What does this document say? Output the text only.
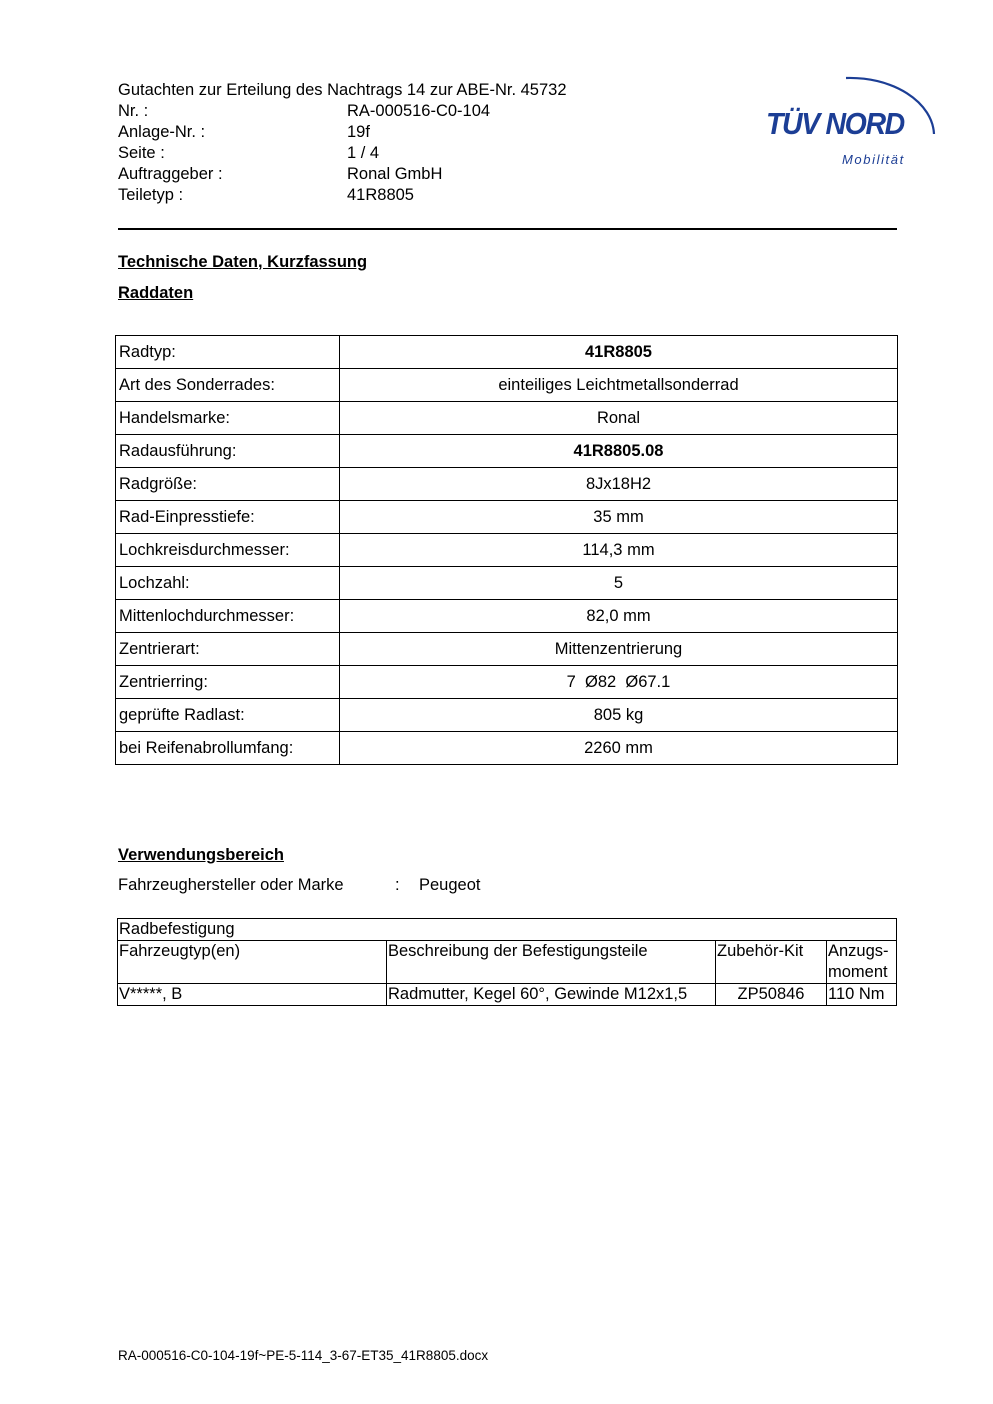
Gutachten zur Erteilung des Nachtrags 14 zur ABE-Nr. 45732
Nr. :	RA-000516-C0-104
Anlage-Nr. :	19f
Seite :	1 / 4
Auftraggeber :	Ronal GmbH
Teiletyp :	41R8805
TÜV NORD
Mobilität
Technische Daten, Kurzfassung
Raddaten
Radtyp:	41R8805
Art des Sonderrades:	einteiliges Leichtmetallsonderrad
Handelsmarke:	Ronal
Radausführung:	41R8805.08
Radgröße:	8Jx18H2
Rad-Einpresstiefe:	35 mm
Lochkreisdurchmesser:	114,3 mm
Lochzahl:	5
Mittenlochdurchmesser:	82,0 mm
Zentrierart:	Mittenzentrierung
Zentrierring:	7  Ø82  Ø67.1
geprüfte Radlast:	805 kg
bei Reifenabrollumfang:	2260 mm
Verwendungsbereich
Fahrzeughersteller oder Marke	: Peugeot
Radbefestigung			
Fahrzeugtyp(en)	Beschreibung der Befestigungsteile	Zubehör-Kit	Anzugs-
moment
V*****, B	Radmutter, Kegel 60°, Gewinde M12x1,5	ZP50846	110 Nm
RA-000516-C0-104-19f~PE-5-114_3-67-ET35_41R8805.docx
